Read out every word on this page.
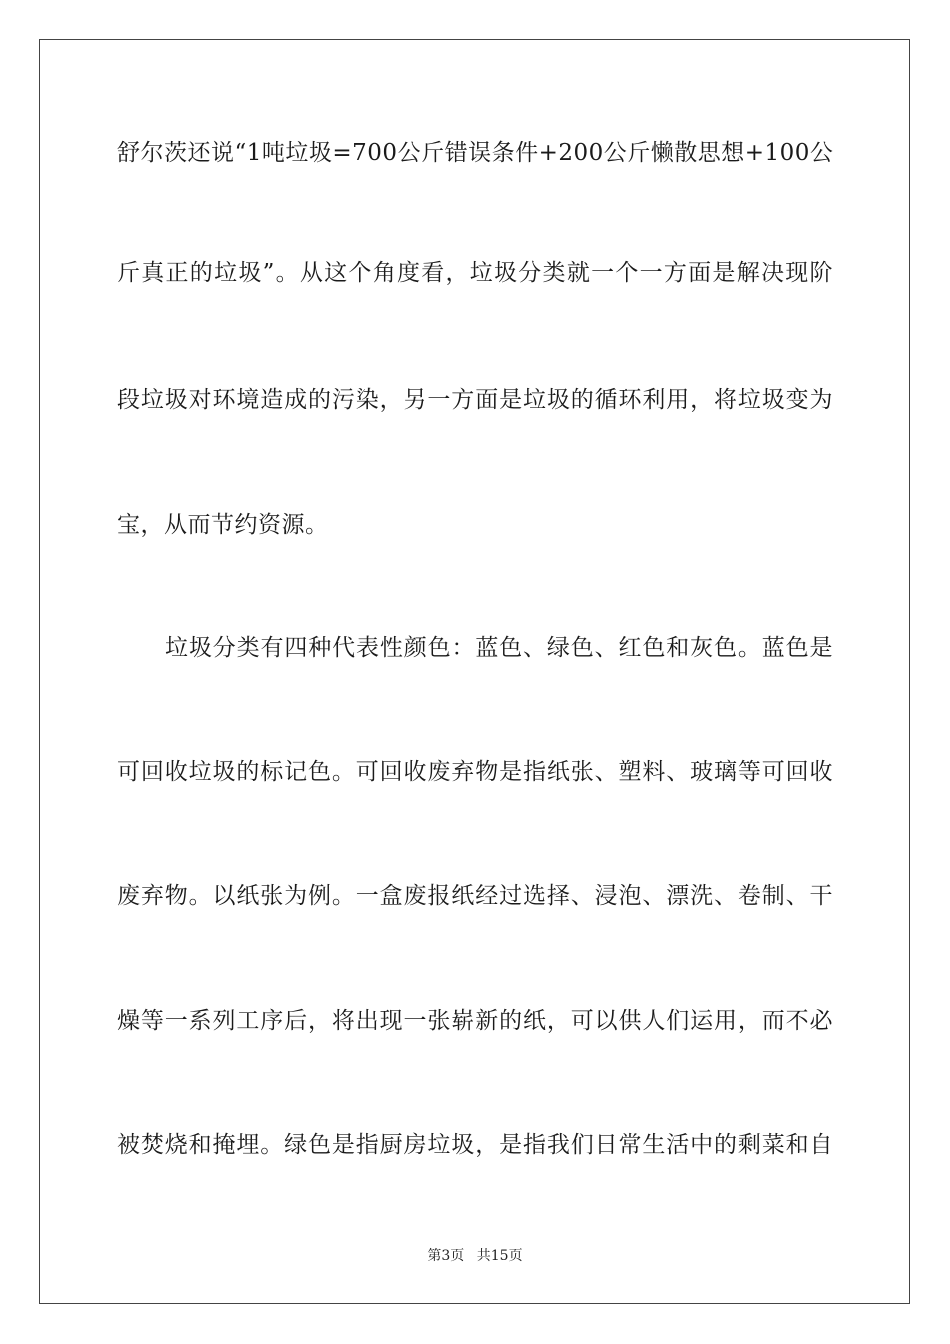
舒尔茨还说“1吨垃圾=700公斤错误条件+200公斤懒散思想+100公
斤真正的垃圾”。从这个角度看，垃圾分类就一个一方面是解决现阶
段垃圾对环境造成的污染，另一方面是垃圾的循环利用，将垃圾变为
宝，从而节约资源。
垃圾分类有四种代表性颜色：蓝色、绿色、红色和灰色。蓝色是
可回收垃圾的标记色。可回收废弃物是指纸张、塑料、玻璃等可回收
废弃物。以纸张为例。一盒废报纸经过选择、浸泡、漂洗、卷制、干
燥等一系列工序后，将出现一张崭新的纸，可以供人们运用，而不必
被焚烧和掩埋。绿色是指厨房垃圾，是指我们日常生活中的剩菜和自
第3页 共15页
